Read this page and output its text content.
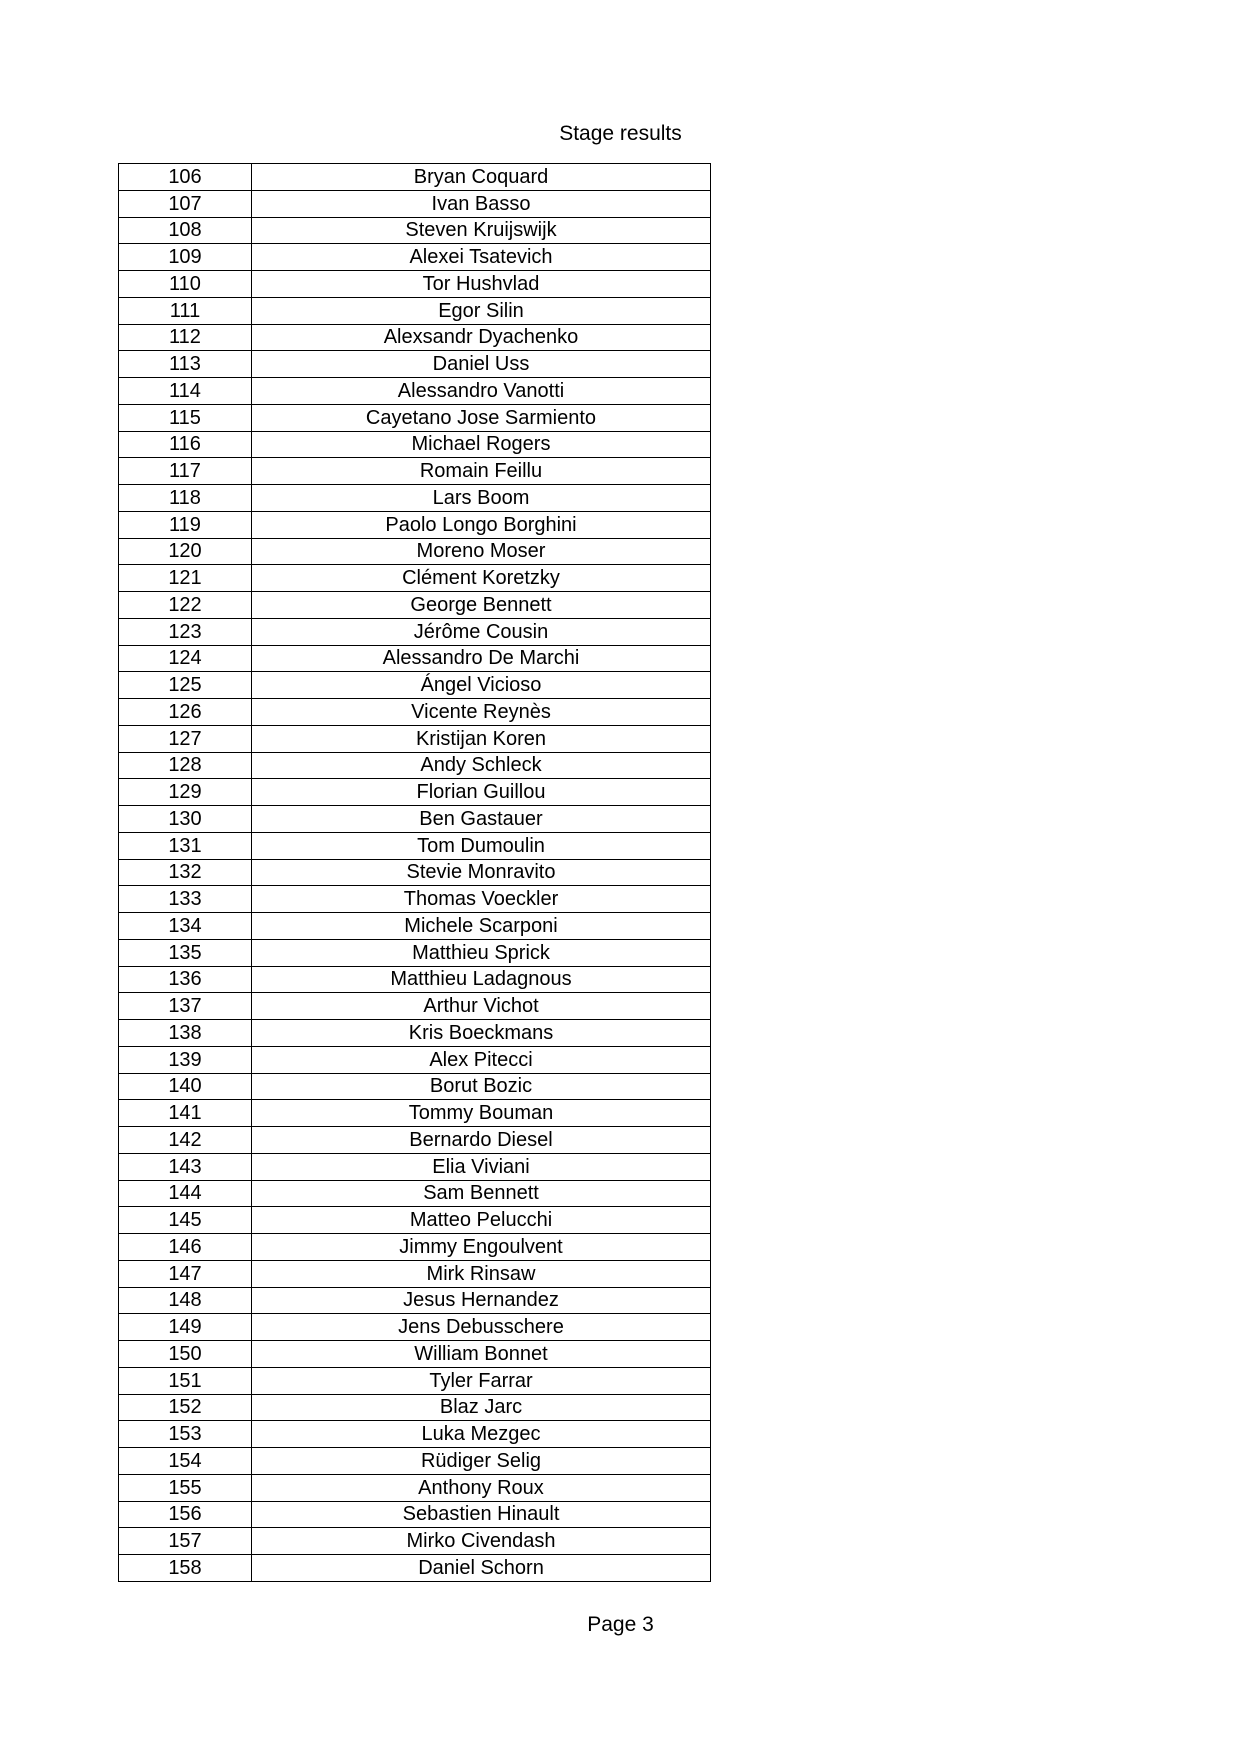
Stage results
106	Bryan Coquard
107	Ivan Basso
108	Steven Kruijswijk
109	Alexei Tsatevich
110	Tor Hushvlad
111	Egor Silin
112	Alexsandr Dyachenko
113	Daniel Uss
114	Alessandro Vanotti
115	Cayetano Jose Sarmiento
116	Michael Rogers
117	Romain Feillu
118	Lars Boom
119	Paolo Longo Borghini
120	Moreno Moser
121	Clément Koretzky
122	George Bennett
123	Jérôme Cousin
124	Alessandro De Marchi
125	Ángel Vicioso
126	Vicente Reynès
127	Kristijan Koren
128	Andy Schleck
129	Florian Guillou
130	Ben Gastauer
131	Tom Dumoulin
132	Stevie Monravito
133	Thomas Voeckler
134	Michele Scarponi
135	Matthieu Sprick
136	Matthieu Ladagnous
137	Arthur Vichot
138	Kris Boeckmans
139	Alex Pitecci
140	Borut Bozic
141	Tommy Bouman
142	Bernardo Diesel
143	Elia Viviani
144	Sam Bennett
145	Matteo Pelucchi
146	Jimmy Engoulvent
147	Mirk Rinsaw
148	Jesus Hernandez
149	Jens Debusschere
150	William Bonnet
151	Tyler Farrar
152	Blaz Jarc
153	Luka Mezgec
154	Rüdiger Selig
155	Anthony Roux
156	Sebastien Hinault
157	Mirko Civendash
158	Daniel Schorn
Page 3
